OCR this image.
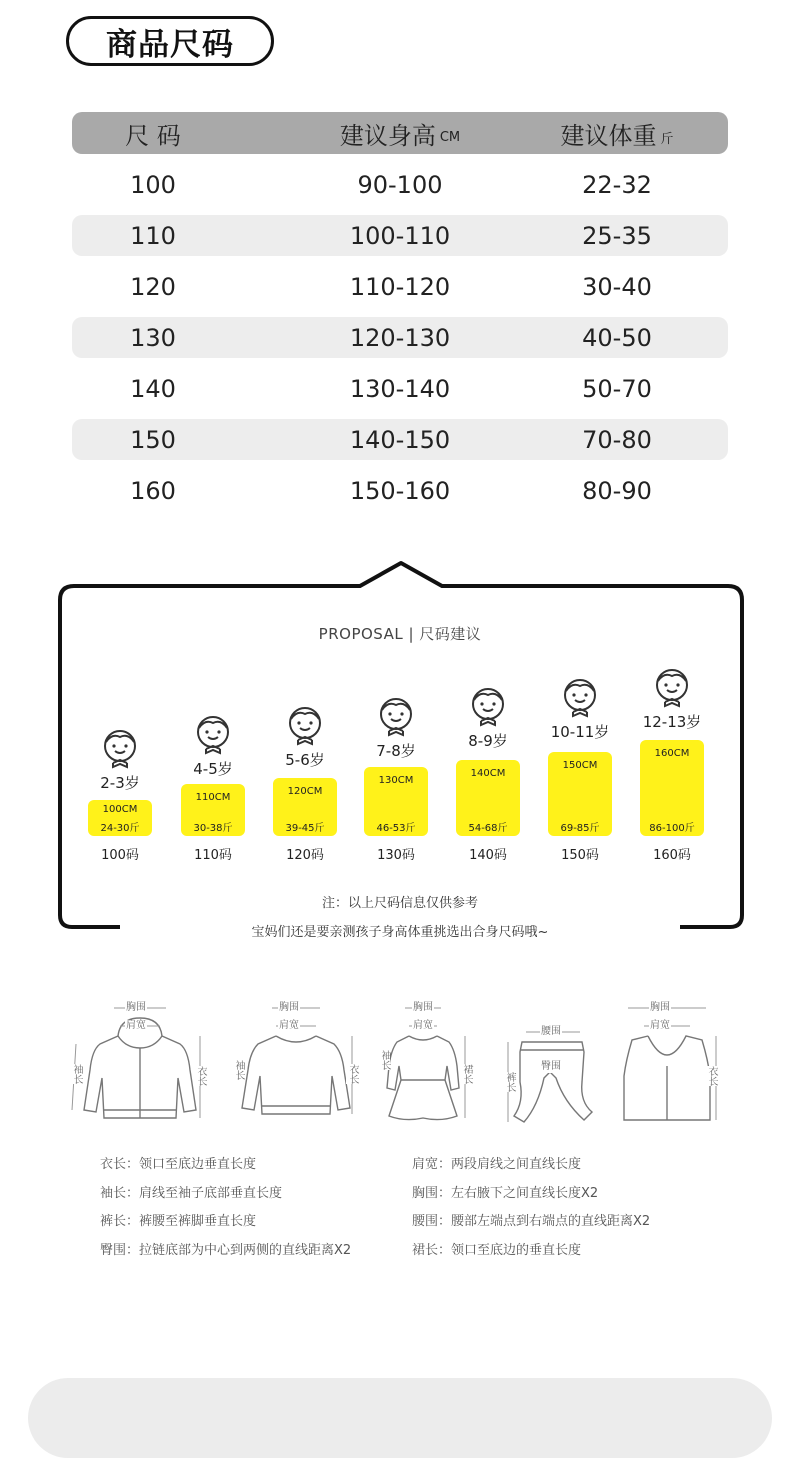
商品尺码
尺 码	建议身高 CM	建议体重 斤
100	90-100	22-32
110	100-110	25-35
120	110-120	30-40
130	120-130	40-50
140	130-140	50-70
150	140-150	70-80
160	150-160	80-90
PROPOSAL | 尺码建议
2-3岁
100CM
24-30斤
100码
4-5岁
110CM
30-38斤
110码
5-6岁
120CM
39-45斤
120码
7-8岁
130CM
46-53斤
130码
8-9岁
140CM
54-68斤
140码
10-11岁
150CM
69-85斤
150码
12-13岁
160CM
86-100斤
160码
注：以上尺码信息仅供参考
宝妈们还是要亲测孩子身高体重挑选出合身尺码哦~
胸围
肩宽
袖长	衣长
胸围
肩宽
袖长	衣长
胸围
肩宽
袖长
裙长
腰围
臀围
裤长
胸围
肩宽
衣长
衣长：领口至底边垂直长度	肩宽：两段肩线之间直线长度
袖长：肩线至袖子底部垂直长度	胸围：左右腋下之间直线长度X2
裤长：裤腰至裤脚垂直长度	腰围：腰部左端点到右端点的直线距离X2
臀围：拉链底部为中心到两侧的直线距离X2	裙长：领口至底边的垂直长度
